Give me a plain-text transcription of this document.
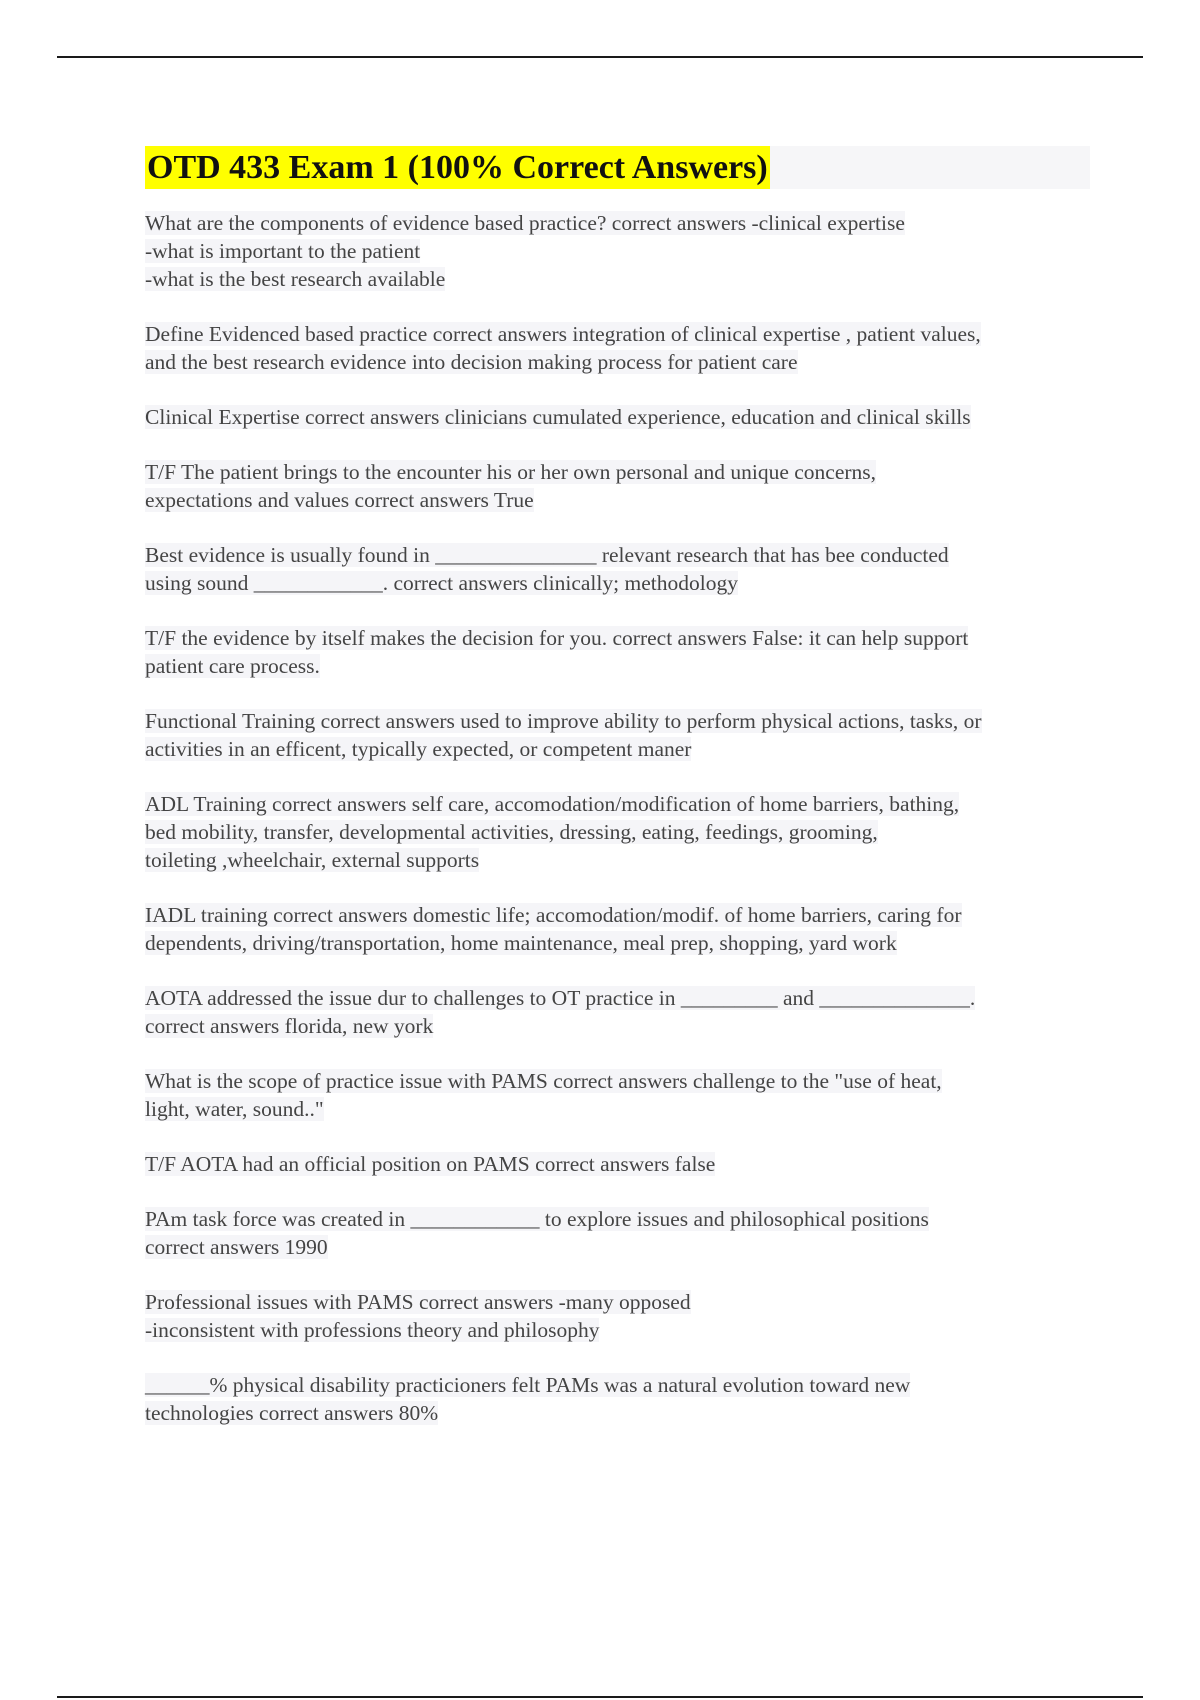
OTD 433 Exam 1 (100% Correct Answers)

What are the components of evidence based practice? correct answers -clinical expertise
-what is important to the patient
-what is the best research available

Define Evidenced based practice correct answers integration of clinical expertise , patient values,
and the best research evidence into decision making process for patient care

Clinical Expertise correct answers clinicians cumulated experience, education and clinical skills

T/F The patient brings to the encounter his or her own personal and unique concerns,
expectations and values correct answers True

Best evidence is usually found in _______________ relevant research that has bee conducted
using sound ____________. correct answers clinically; methodology

T/F the evidence by itself makes the decision for you. correct answers False: it can help support
patient care process.

Functional Training correct answers used to improve ability to perform physical actions, tasks, or
activities in an efficent, typically expected, or competent maner

ADL Training correct answers self care, accomodation/modification of home barriers, bathing,
bed mobility, transfer, developmental activities, dressing, eating, feedings, grooming,
toileting ,wheelchair, external supports

IADL training correct answers domestic life; accomodation/modif. of home barriers, caring for
dependents, driving/transportation, home maintenance, meal prep, shopping, yard work

AOTA addressed the issue dur to challenges to OT practice in _________ and ______________.
correct answers florida, new york

What is the scope of practice issue with PAMS correct answers challenge to the "use of heat,
light, water, sound.."

T/F AOTA had an official position on PAMS correct answers false

PAm task force was created in ____________ to explore issues and philosophical positions
correct answers 1990

Professional issues with PAMS correct answers -many opposed
-inconsistent with professions theory and philosophy

______% physical disability practicioners felt PAMs was a natural evolution toward new
technologies correct answers 80%
